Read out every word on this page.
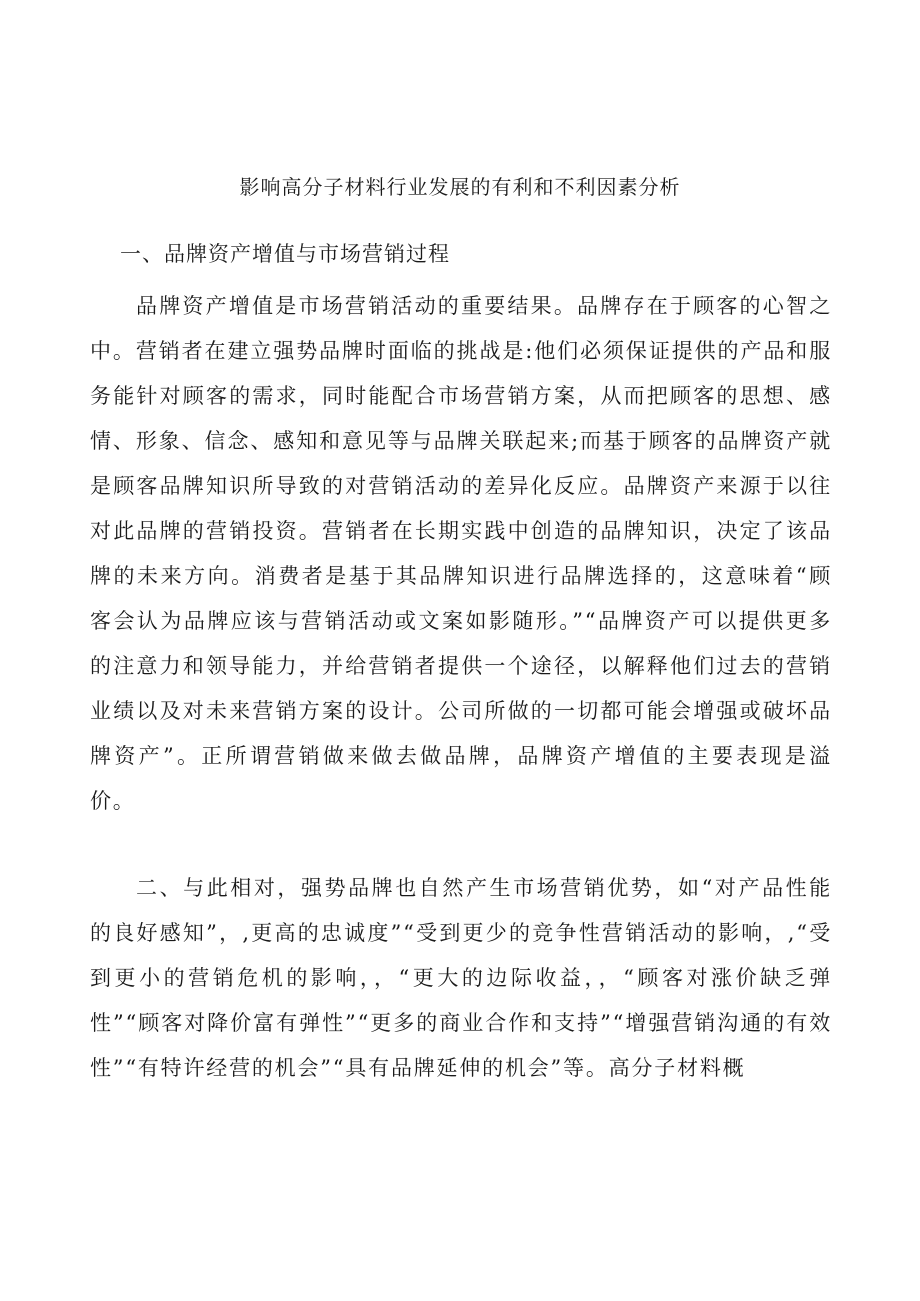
影响高分子材料行业发展的有利和不利因素分析
一、品牌资产增值与市场营销过程

品牌资产增值是市场营销活动的重要结果。品牌存在于顾客的心智之中。营销者在建立强势品牌时面临的挑战是:他们必须保证提供的产品和服务能针对顾客的需求，同时能配合市场营销方案，从而把顾客的思想、感情、形象、信念、感知和意见等与品牌关联起来;而基于顾客的品牌资产就是顾客品牌知识所导致的对营销活动的差异化反应。品牌资产来源于以往对此品牌的营销投资。营销者在长期实践中创造的品牌知识，决定了该品牌的未来方向。消费者是基于其品牌知识进行品牌选择的，这意味着“顾客会认为品牌应该与营销活动或文案如影随形。”“品牌资产可以提供更多的注意力和领导能力，并给营销者提供一个途径，以解释他们过去的营销业绩以及对未来营销方案的设计。公司所做的一切都可能会增强或破坏品牌资产”。正所谓营销做来做去做品牌，品牌资产增值的主要表现是溢价。

二、与此相对，强势品牌也自然产生市场营销优势，如“对产品性能的良好感知”，,更高的忠诚度”“受到更少的竞争性营销活动的影响，,“受到更小的营销危机的影响，，“更大的边际收益，，“顾客对涨价缺乏弹性”“顾客对降价富有弹性”“更多的商业合作和支持”“增强营销沟通的有效性”“有特许经营的机会”“具有品牌延伸的机会”等。高分子材料概
